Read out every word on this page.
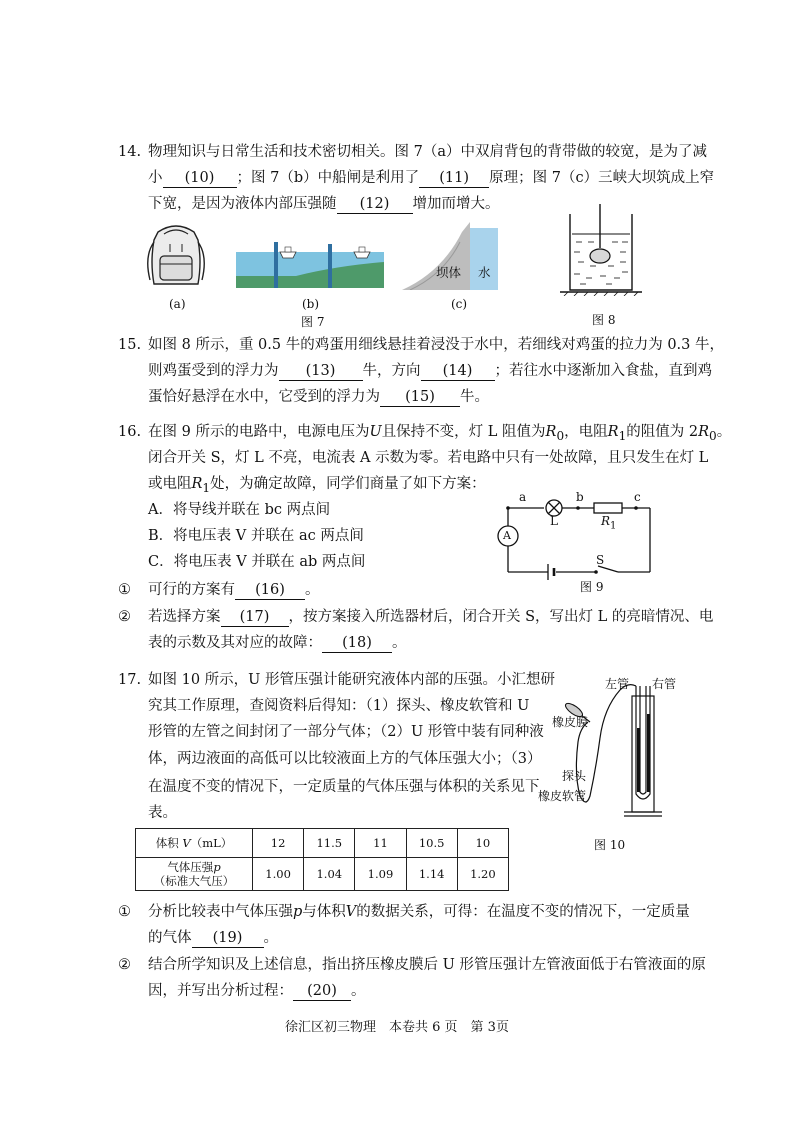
14. 物理知识与日常生活和技术密切相关。图 7（a）中双肩背包的背带做的较宽，是为了减
小 (10) ；图 7（b）中船闸是利用了 (11) 原理；图 7（c）三峡大坝筑成上窄
下宽，是因为液体内部压强随 (12) 增加而增大。
(a)	(b)
坝体 水
(c)
图 7	图 8
15. 如图 8 所示，重 0.5 牛的鸡蛋用细线悬挂着浸没于水中，若细线对鸡蛋的拉力为 0.3 牛，
则鸡蛋受到的浮力为 (13) 牛，方向 (14) ；若往水中逐渐加入食盐，直到鸡
蛋恰好悬浮在水中，它受到的浮力为 (15) 牛。
16. 在图 9 所示的电路中，电源电压为U且保持不变，灯 L 阻值为$R_0$，电阻$R_1$的阻值为 $2R_0$。
闭合开关 S，灯 L 不亮，电流表 A 示数为零。若电路中只有一处故障，且只发生在灯 L
或电阻$R_1$处，为确定故障，同学们商量了如下方案：
A．将导线并联在 bc 两点间
B．将电压表 V 并联在 ac 两点间
C．将电压表 V 并联在 ab 两点间
a	b	c
L	$R_1$
A
S
图 9
① 可行的方案有 (16) 。
② 若选择方案 (17) ，按方案接入所选器材后，闭合开关 S，写出灯 L 的亮暗情况、电
表的示数及其对应的故障： (18) 。
17. 如图 10 所示，U 形管压强计能研究液体内部的压强。小汇想研
究其工作原理，查阅资料后得知：（1）探头、橡皮软管和 U
形管的左管之间封闭了一部分气体；（2）U 形管中装有同种液
体，两边液面的高低可以比较液面上方的气体压强大小；（3）
在温度不变的情况下，一定质量的气体压强与体积的关系见下
表。
左管 右管
橡皮膜
探头
橡皮软管
图 10
体积 V（mL）	12	11.5	11	10.5	10
气体压强p
（标准大气压）	1.00	1.04	1.09	1.14	1.20
① 分析比较表中气体压强p与体积V的数据关系，可得：在温度不变的情况下，一定质量
的气体 (19) 。
② 结合所学知识及上述信息，指出挤压橡皮膜后 U 形管压强计左管液面低于右管液面的原
因，并写出分析过程： (20) 。
徐汇区初三物理　本卷共 6 页　第 3页
